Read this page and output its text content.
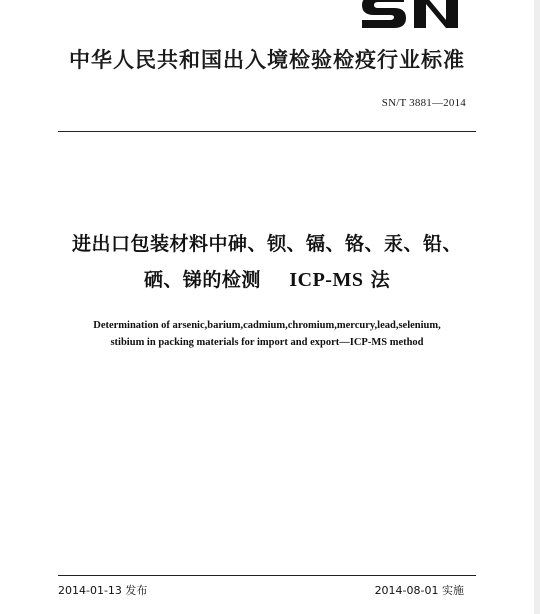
中华人民共和国出入境检验检疫行业标准
SN/T 3881—2014
进出口包装材料中砷、钡、镉、铬、汞、铅、
硒、锑的检测 ICP-MS 法
Determination of arsenic,barium,cadmium,chromium,mercury,lead,selenium,
stibium in packing materials for import and export—ICP-MS method
2014-01-13 发布	2014-08-01 实施
